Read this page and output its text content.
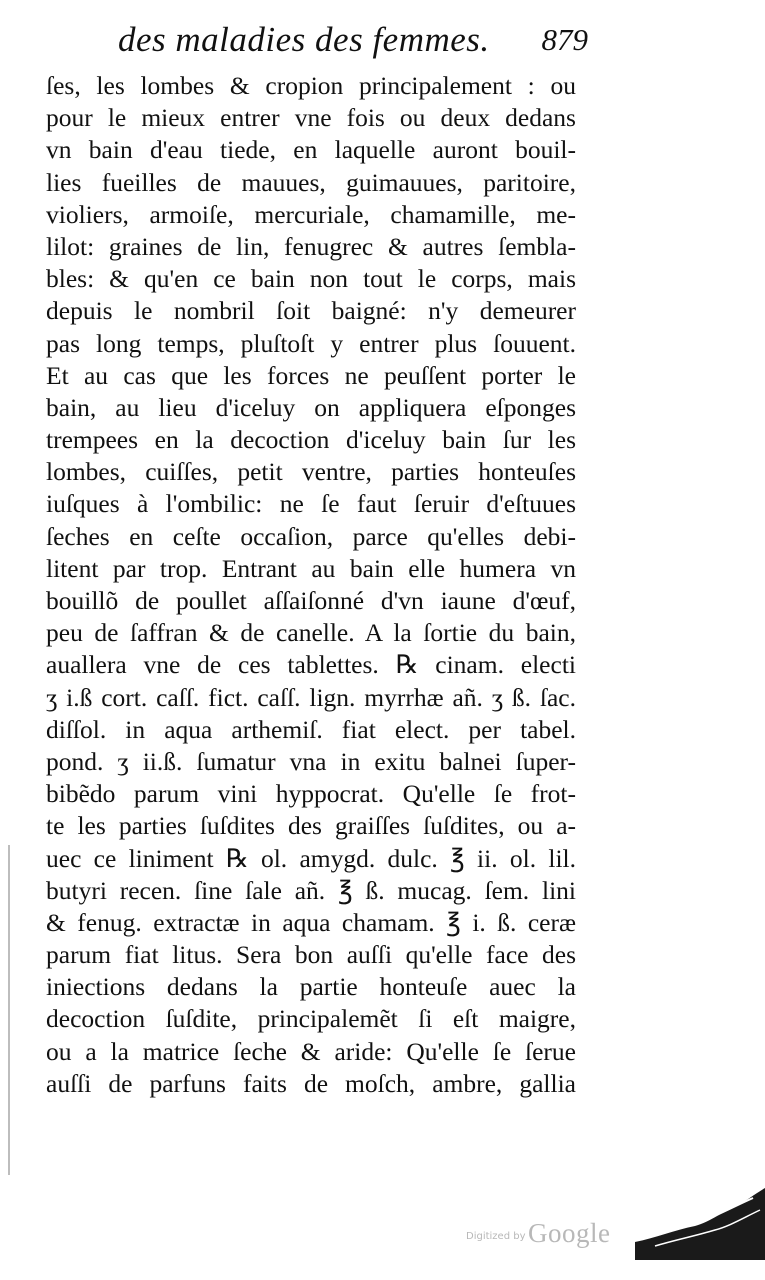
des maladies des femmes. 879
ſes, les lombes & cropion principalement : ou
pour le mieux entrer vne fois ou deux dedans
vn bain d'eau tiede, en laquelle auront bouil-
lies fueilles de mauues, guimauues, paritoire,
violiers, armoiſe, mercuriale, chamamille, me-
lilot: graines de lin, fenugrec & autres ſembla-
bles: & qu'en ce bain non tout le corps, mais
depuis le nombril ſoit baigné: n'y demeurer
pas long temps, pluſtoſt y entrer plus ſouuent.
Et au cas que les forces ne peuſſent porter le
bain, au lieu d'iceluy on appliquera eſponges
trempees en la decoction d'iceluy bain ſur les
lombes, cuiſſes, petit ventre, parties honteuſes
iuſques à l'ombilic: ne ſe faut ſeruir d'eſtuues
ſeches en ceſte occaſion, parce qu'elles debi-
litent par trop. Entrant au bain elle humera vn
bouillõ de poullet aſſaiſonné d'vn iaune d'œuf,
peu de ſaffran & de canelle. A la ſortie du bain,
auallera vne de ces tablettes. ℞ cinam. electi
ʒ i.ß cort. caſſ. fict. caſſ. lign. myrrhæ añ. ʒ ß. ſac.
diſſol. in aqua arthemiſ. fiat elect. per tabel.
pond. ʒ ii.ß. ſumatur vna in exitu balnei ſuper-
bibẽdo parum vini hyppocrat. Qu'elle ſe frot-
te les parties ſuſdites des graiſſes ſuſdites, ou a-
uec ce liniment ℞ ol. amygd. dulc. ℥ ii. ol. lil.
butyri recen. ſine ſale añ. ℥ ß. mucag. ſem. lini
& fenug. extractæ in aqua chamam. ℥ i. ß. ceræ
parum fiat litus. Sera bon auſſi qu'elle face des
iniections dedans la partie honteuſe auec la
decoction ſuſdite, principalemẽt ſi eſt maigre,
ou a la matrice ſeche & aride: Qu'elle ſe ſerue
auſſi de parfuns faits de moſch, ambre, gallia
Digitized by Google
